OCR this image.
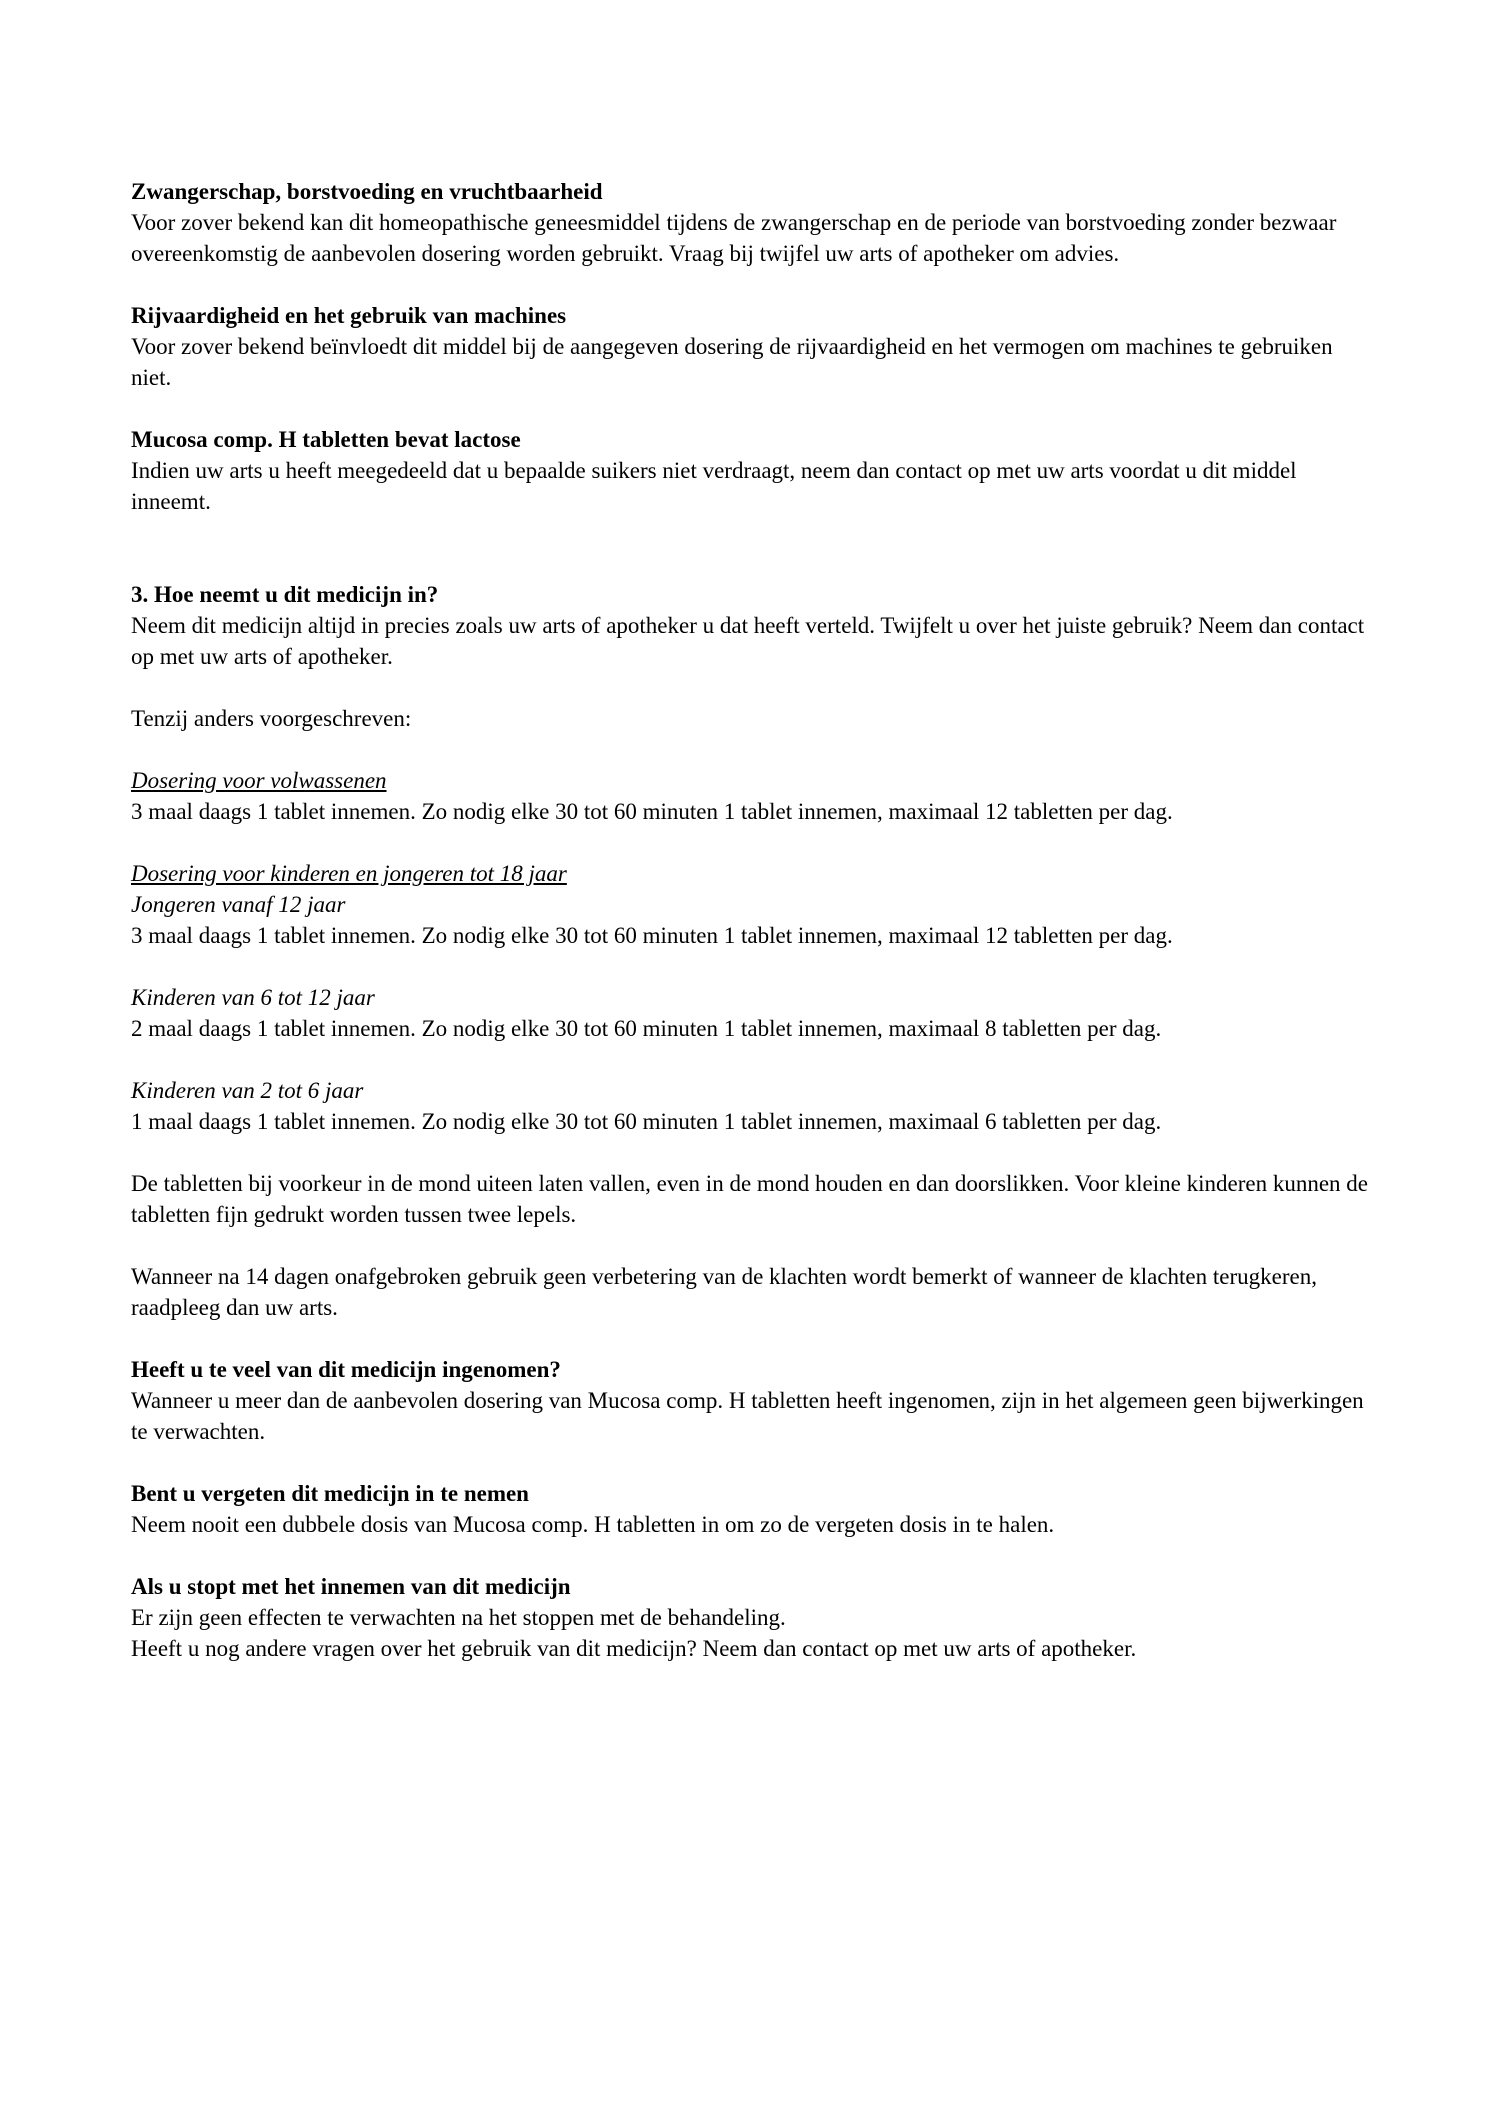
Zwangerschap, borstvoeding en vruchtbaarheid

Voor zover bekend kan dit homeopathische geneesmiddel tijdens de zwangerschap en de periode van borstvoeding zonder bezwaar overeenkomstig de aanbevolen dosering worden gebruikt. Vraag bij twijfel uw arts of apotheker om advies.

Rijvaardigheid en het gebruik van machines

Voor zover bekend beïnvloedt dit middel bij de aangegeven dosering de rijvaardigheid en het vermogen om machines te gebruiken niet.

Mucosa comp. H tabletten bevat lactose

Indien uw arts u heeft meegedeeld dat u bepaalde suikers niet verdraagt, neem dan contact op met uw arts voordat u dit middel inneemt.

3. Hoe neemt u dit medicijn in?

Neem dit medicijn altijd in precies zoals uw arts of apotheker u dat heeft verteld. Twijfelt u over het juiste gebruik? Neem dan contact op met uw arts of apotheker.

Tenzij anders voorgeschreven:

Dosering voor volwassenen

3 maal daags 1 tablet innemen. Zo nodig elke 30 tot 60 minuten 1 tablet innemen, maximaal 12 tabletten per dag.

Dosering voor kinderen en jongeren tot 18 jaar
Jongeren vanaf 12 jaar

3 maal daags 1 tablet innemen. Zo nodig elke 30 tot 60 minuten 1 tablet innemen, maximaal 12 tabletten per dag.

Kinderen van 6 tot 12 jaar

2 maal daags 1 tablet innemen. Zo nodig elke 30 tot 60 minuten 1 tablet innemen, maximaal 8 tabletten per dag.

Kinderen van 2 tot 6 jaar

1 maal daags 1 tablet innemen. Zo nodig elke 30 tot 60 minuten 1 tablet innemen, maximaal 6 tabletten per dag.

De tabletten bij voorkeur in de mond uiteen laten vallen, even in de mond houden en dan doorslikken. Voor kleine kinderen kunnen de tabletten fijn gedrukt worden tussen twee lepels.

Wanneer na 14 dagen onafgebroken gebruik geen verbetering van de klachten wordt bemerkt of wanneer de klachten terugkeren, raadpleeg dan uw arts.

Heeft u te veel van dit medicijn ingenomen?

Wanneer u meer dan de aanbevolen dosering van Mucosa comp. H tabletten heeft ingenomen, zijn in het algemeen geen bijwerkingen te verwachten.

Bent u vergeten dit medicijn in te nemen

Neem nooit een dubbele dosis van Mucosa comp. H tabletten in om zo de vergeten dosis in te halen.

Als u stopt met het innemen van dit medicijn

Er zijn geen effecten te verwachten na het stoppen met de behandeling.

Heeft u nog andere vragen over het gebruik van dit medicijn? Neem dan contact op met uw arts of apotheker.
